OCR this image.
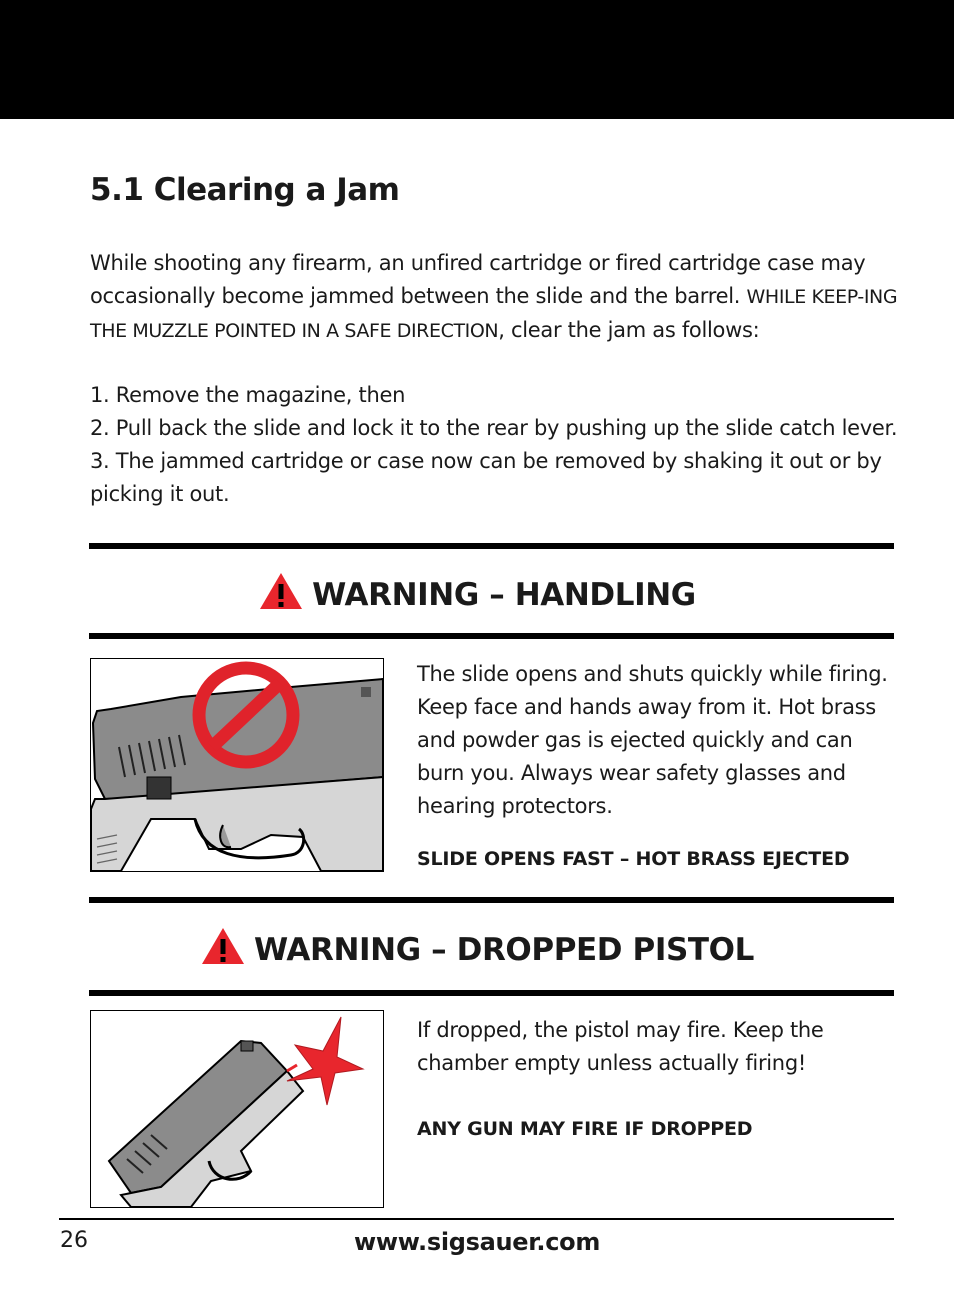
5.1 Clearing a Jam

While shooting any firearm, an unfired cartridge or fired cartridge case may occasionally become jammed between the slide and the barrel. WHILE KEEP-ING THE MUZZLE POINTED IN A SAFE DIRECTION, clear the jam as follows:

1. Remove the magazine, then
2. Pull back the slide and lock it to the rear by pushing up the slide catch lever.
3. The jammed cartridge or case now can be removed by shaking it out or by picking it out.
WARNING – HANDLING

The slide opens and shuts quickly while firing. Keep face and hands away from it. Hot brass and powder gas is ejected quickly and can burn you. Always wear safety glasses and hearing protectors.

SLIDE OPENS FAST – HOT BRASS EJECTED

WARNING – DROPPED PISTOL

If dropped, the pistol may fire. Keep the chamber empty unless actually firing!

ANY GUN MAY FIRE IF DROPPED

26	www.sigsauer.com
